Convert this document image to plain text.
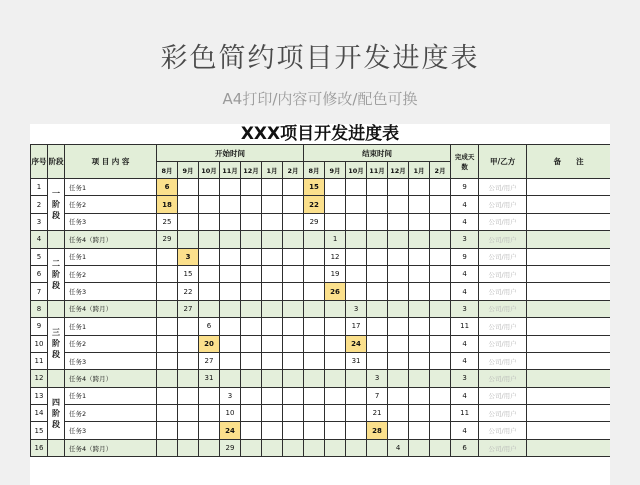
彩色简约项目开发进度表
A4打印/内容可修改/配色可换
XXX项目开发进度表
序号	阶段	项 目 内 容	开始时间							结束时间							完成天数	甲/乙方	备　　注
			8月	9月	10月	11月	12月	1月	2月	8月	9月	10月	11月	12月	1月	2月			
1	一阶段	任务1	6							15							9	公司/用户	
2		任务2	18							22							4	公司/用户	
3		任务3	25							29							4	公司/用户	
4		任务4（跨月）	29								1						3	公司/用户	
5	二阶段	任务1		3							12						9	公司/用户	
6		任务2		15							19						4	公司/用户	
7		任务3		22							26						4	公司/用户	
8		任务4（跨月）		27								3					3	公司/用户	
9	三阶段	任务1			6							17					11	公司/用户	
10		任务2			20							24					4	公司/用户	
11		任务3			27							31					4	公司/用户	
12		任务4（跨月）			31								3				3	公司/用户	
13	四阶段	任务1				3							7				4	公司/用户	
14		任务2				10							21				11	公司/用户	
15		任务3				24							28				4	公司/用户	
16		任务4（跨月）				29								4			6	公司/用户	
